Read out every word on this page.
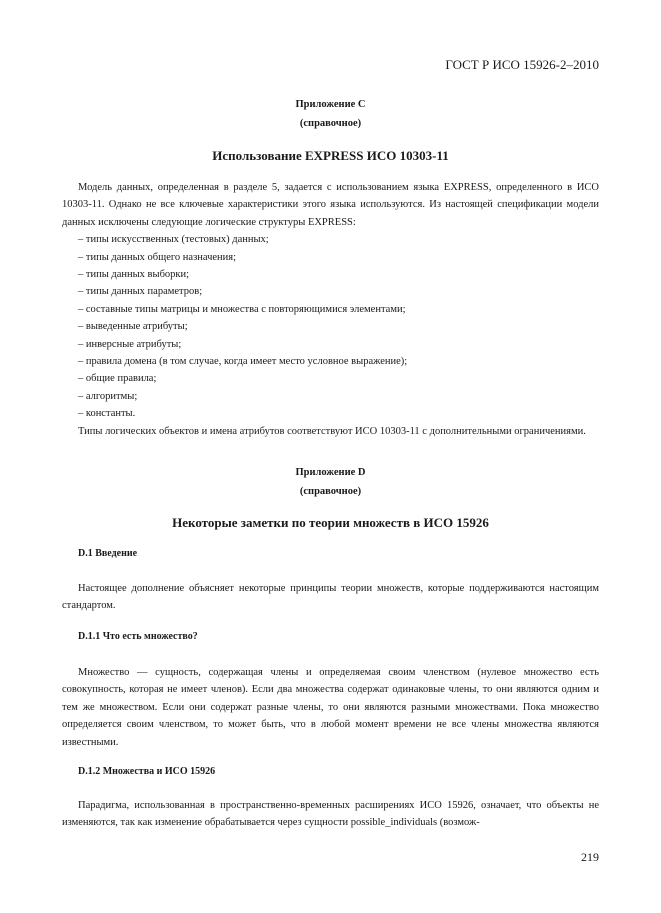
ГОСТ Р ИСО 15926-2–2010
Приложение С
(справочное)
Использование EXPRESS ИСО 10303-11

Модель данных, определенная в разделе 5, задается с использованием языка EXPRESS, определенного в ИСО 10303-11. Однако не все ключевые характеристики этого языка используются. Из настоящей спецификации модели данных исключены следующие логические структуры EXPRESS:

– типы искусственных (тестовых) данных;
– типы данных общего назначения;
– типы данных выборки;
– типы данных параметров;
– составные типы матрицы и множества с повторяющимися элементами;
– выведенные атрибуты;
– инверсные атрибуты;
– правила домена (в том случае, когда имеет место условное выражение);
– общие правила;
– алгоритмы;
– константы.

Типы логических объектов и имена атрибутов соответствуют ИСО 10303-11 с дополнительными ограничениями.

Приложение D
(справочное)
Некоторые заметки по теории множеств в ИСО 15926
D.1 Введение

Настоящее дополнение объясняет некоторые принципы теории множеств, которые поддерживаются настоящим стандартом.

D.1.1 Что есть множество?

Множество — сущность, содержащая члены и определяемая своим членством (нулевое множество есть совокупность, которая не имеет членов). Если два множества содержат одинаковые члены, то они являются одним и тем же множеством. Если они содержат разные члены, то они являются разными множествами. Пока множество определяется своим членством, то может быть, что в любой момент времени не все члены множества являются известными.

D.1.2 Множества и ИСО 15926

Парадигма, использованная в пространственно-временных расширениях ИСО 15926, означает, что объекты не изменяются, так как изменение обрабатывается через сущности possible_individuals (возмож-

219
